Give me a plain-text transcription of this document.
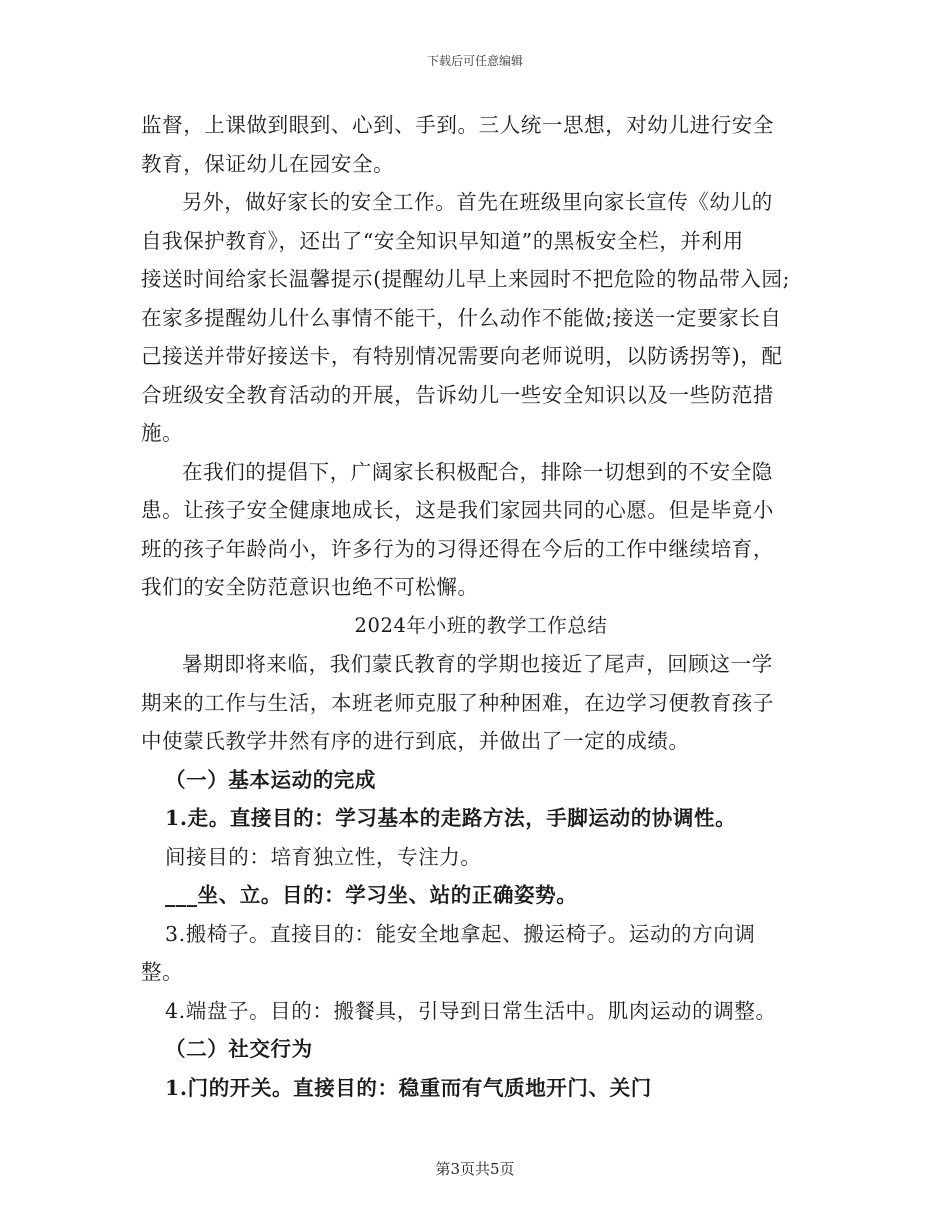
下载后可任意编辑
监督，上课做到眼到、心到、手到。三人统一思想，对幼儿进行安全
教育，保证幼儿在园安全。
另外，做好家长的安全工作。首先在班级里向家长宣传《幼儿的
自我保护教育》，还出了“安全知识早知道”的黑板安全栏，并利用
接送时间给家长温馨提示(提醒幼儿早上来园时不把危险的物品带入园;
在家多提醒幼儿什么事情不能干，什么动作不能做;接送一定要家长自
己接送并带好接送卡，有特别情况需要向老师说明，以防诱拐等)，配
合班级安全教育活动的开展，告诉幼儿一些安全知识以及一些防范措
施。
在我们的提倡下，广阔家长积极配合，排除一切想到的不安全隐
患。让孩子安全健康地成长，这是我们家园共同的心愿。但是毕竟小
班的孩子年龄尚小，许多行为的习得还得在今后的工作中继续培育，
我们的安全防范意识也绝不可松懈。
2024年小班的教学工作总结
暑期即将来临，我们蒙氏教育的学期也接近了尾声，回顾这一学
期来的工作与生活，本班老师克服了种种困难，在边学习便教育孩子
中使蒙氏教学井然有序的进行到底，并做出了一定的成绩。
（一）基本运动的完成
1.走。直接目的：学习基本的走路方法，手脚运动的协调性。
间接目的：培育独立性，专注力。
___坐、立。目的：学习坐、站的正确姿势。
3.搬椅子。直接目的：能安全地拿起、搬运椅子。运动的方向调
整。
4.端盘子。目的：搬餐具，引导到日常生活中。肌肉运动的调整。
（二）社交行为
1.门的开关。直接目的：稳重而有气质地开门、关门
第3页共5页
